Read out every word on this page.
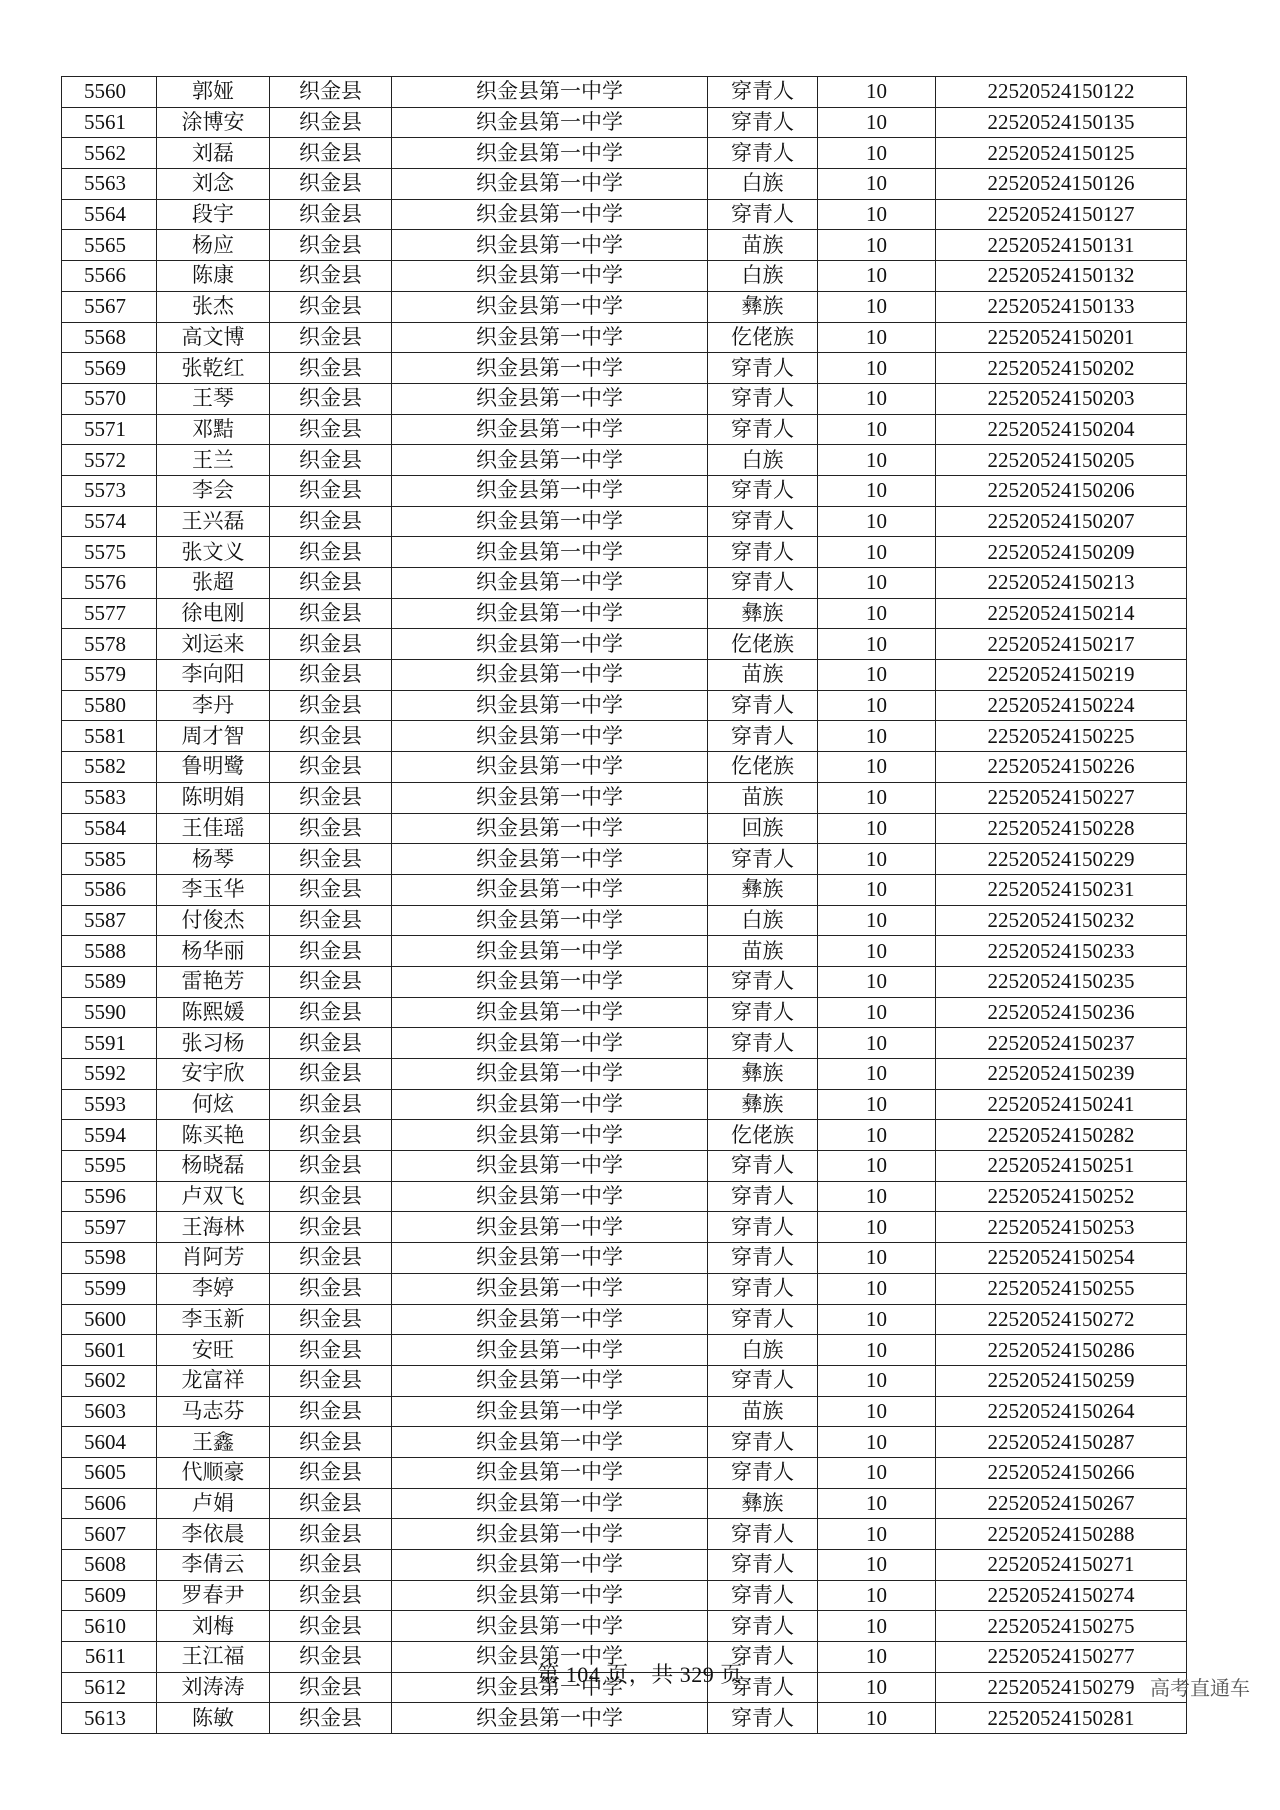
5560	郭娅	织金县	织金县第一中学	穿青人	10	22520524150122
5561	涂博安	织金县	织金县第一中学	穿青人	10	22520524150135
5562	刘磊	织金县	织金县第一中学	穿青人	10	22520524150125
5563	刘念	织金县	织金县第一中学	白族	10	22520524150126
5564	段宇	织金县	织金县第一中学	穿青人	10	22520524150127
5565	杨应	织金县	织金县第一中学	苗族	10	22520524150131
5566	陈康	织金县	织金县第一中学	白族	10	22520524150132
5567	张杰	织金县	织金县第一中学	彝族	10	22520524150133
5568	高文博	织金县	织金县第一中学	仡佬族	10	22520524150201
5569	张乾红	织金县	织金县第一中学	穿青人	10	22520524150202
5570	王琴	织金县	织金县第一中学	穿青人	10	22520524150203
5571	邓黠	织金县	织金县第一中学	穿青人	10	22520524150204
5572	王兰	织金县	织金县第一中学	白族	10	22520524150205
5573	李会	织金县	织金县第一中学	穿青人	10	22520524150206
5574	王兴磊	织金县	织金县第一中学	穿青人	10	22520524150207
5575	张文义	织金县	织金县第一中学	穿青人	10	22520524150209
5576	张超	织金县	织金县第一中学	穿青人	10	22520524150213
5577	徐电刚	织金县	织金县第一中学	彝族	10	22520524150214
5578	刘运来	织金县	织金县第一中学	仡佬族	10	22520524150217
5579	李向阳	织金县	织金县第一中学	苗族	10	22520524150219
5580	李丹	织金县	织金县第一中学	穿青人	10	22520524150224
5581	周才智	织金县	织金县第一中学	穿青人	10	22520524150225
5582	鲁明鹭	织金县	织金县第一中学	仡佬族	10	22520524150226
5583	陈明娟	织金县	织金县第一中学	苗族	10	22520524150227
5584	王佳瑶	织金县	织金县第一中学	回族	10	22520524150228
5585	杨琴	织金县	织金县第一中学	穿青人	10	22520524150229
5586	李玉华	织金县	织金县第一中学	彝族	10	22520524150231
5587	付俊杰	织金县	织金县第一中学	白族	10	22520524150232
5588	杨华丽	织金县	织金县第一中学	苗族	10	22520524150233
5589	雷艳芳	织金县	织金县第一中学	穿青人	10	22520524150235
5590	陈熙媛	织金县	织金县第一中学	穿青人	10	22520524150236
5591	张习杨	织金县	织金县第一中学	穿青人	10	22520524150237
5592	安宇欣	织金县	织金县第一中学	彝族	10	22520524150239
5593	何炫	织金县	织金县第一中学	彝族	10	22520524150241
5594	陈买艳	织金县	织金县第一中学	仡佬族	10	22520524150282
5595	杨晓磊	织金县	织金县第一中学	穿青人	10	22520524150251
5596	卢双飞	织金县	织金县第一中学	穿青人	10	22520524150252
5597	王海林	织金县	织金县第一中学	穿青人	10	22520524150253
5598	肖阿芳	织金县	织金县第一中学	穿青人	10	22520524150254
5599	李婷	织金县	织金县第一中学	穿青人	10	22520524150255
5600	李玉新	织金县	织金县第一中学	穿青人	10	22520524150272
5601	安旺	织金县	织金县第一中学	白族	10	22520524150286
5602	龙富祥	织金县	织金县第一中学	穿青人	10	22520524150259
5603	马志芬	织金县	织金县第一中学	苗族	10	22520524150264
5604	王鑫	织金县	织金县第一中学	穿青人	10	22520524150287
5605	代顺豪	织金县	织金县第一中学	穿青人	10	22520524150266
5606	卢娟	织金县	织金县第一中学	彝族	10	22520524150267
5607	李依晨	织金县	织金县第一中学	穿青人	10	22520524150288
5608	李倩云	织金县	织金县第一中学	穿青人	10	22520524150271
5609	罗春尹	织金县	织金县第一中学	穿青人	10	22520524150274
5610	刘梅	织金县	织金县第一中学	穿青人	10	22520524150275
5611	王江福	织金县	织金县第一中学	穿青人	10	22520524150277
5612	刘涛涛	织金县	织金县第一中学	穿青人	10	22520524150279
5613	陈敏	织金县	织金县第一中学	穿青人	10	22520524150281
第 104 页，共 329 页
高考直通车
